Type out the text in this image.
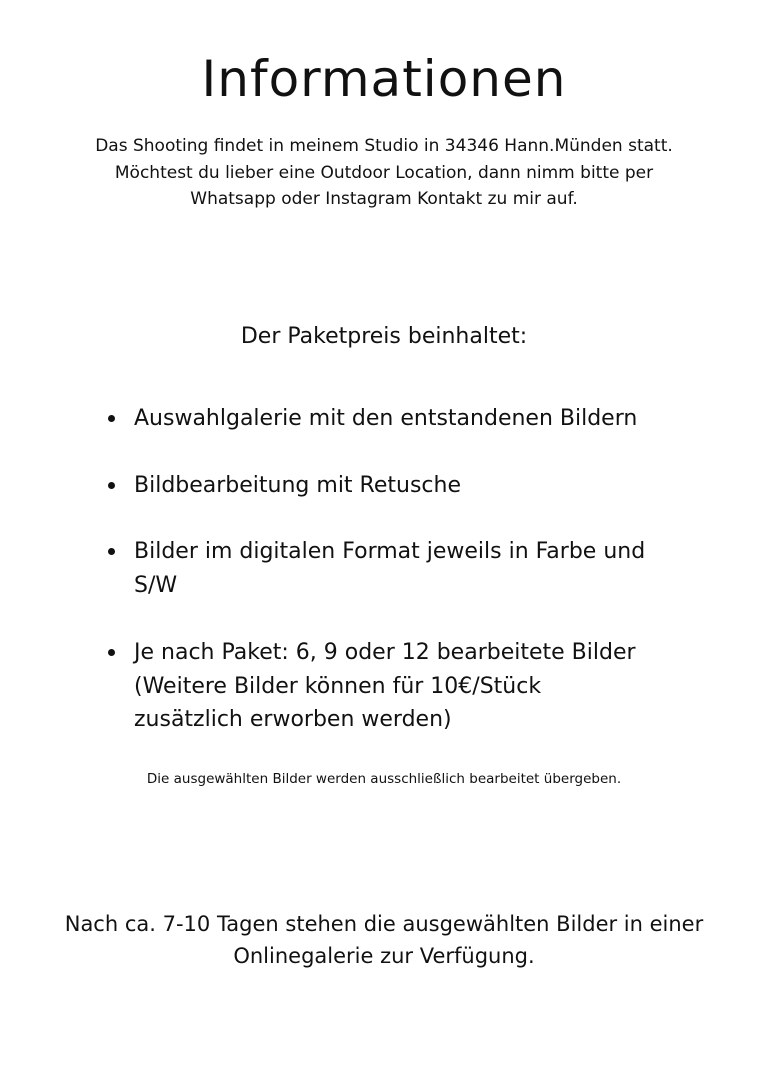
Informationen

Das Shooting findet in meinem Studio in 34346 Hann.Münden statt.
Möchtest du lieber eine Outdoor Location, dann nimm bitte per
Whatsapp oder Instagram Kontakt zu mir auf.

Der Paketpreis beinhaltet:
Auswahlgalerie mit den entstandenen Bildern
Bildbearbeitung mit Retusche
Bilder im digitalen Format jeweils in Farbe und
S/W
Je nach Paket: 6, 9 oder 12 bearbeitete Bilder
(Weitere Bilder können für 10€/Stück
zusätzlich erworben werden)

Die ausgewählten Bilder werden ausschließlich bearbeitet übergeben.

Nach ca. 7-10 Tagen stehen die ausgewählten Bilder in einer
Onlinegalerie zur Verfügung.
